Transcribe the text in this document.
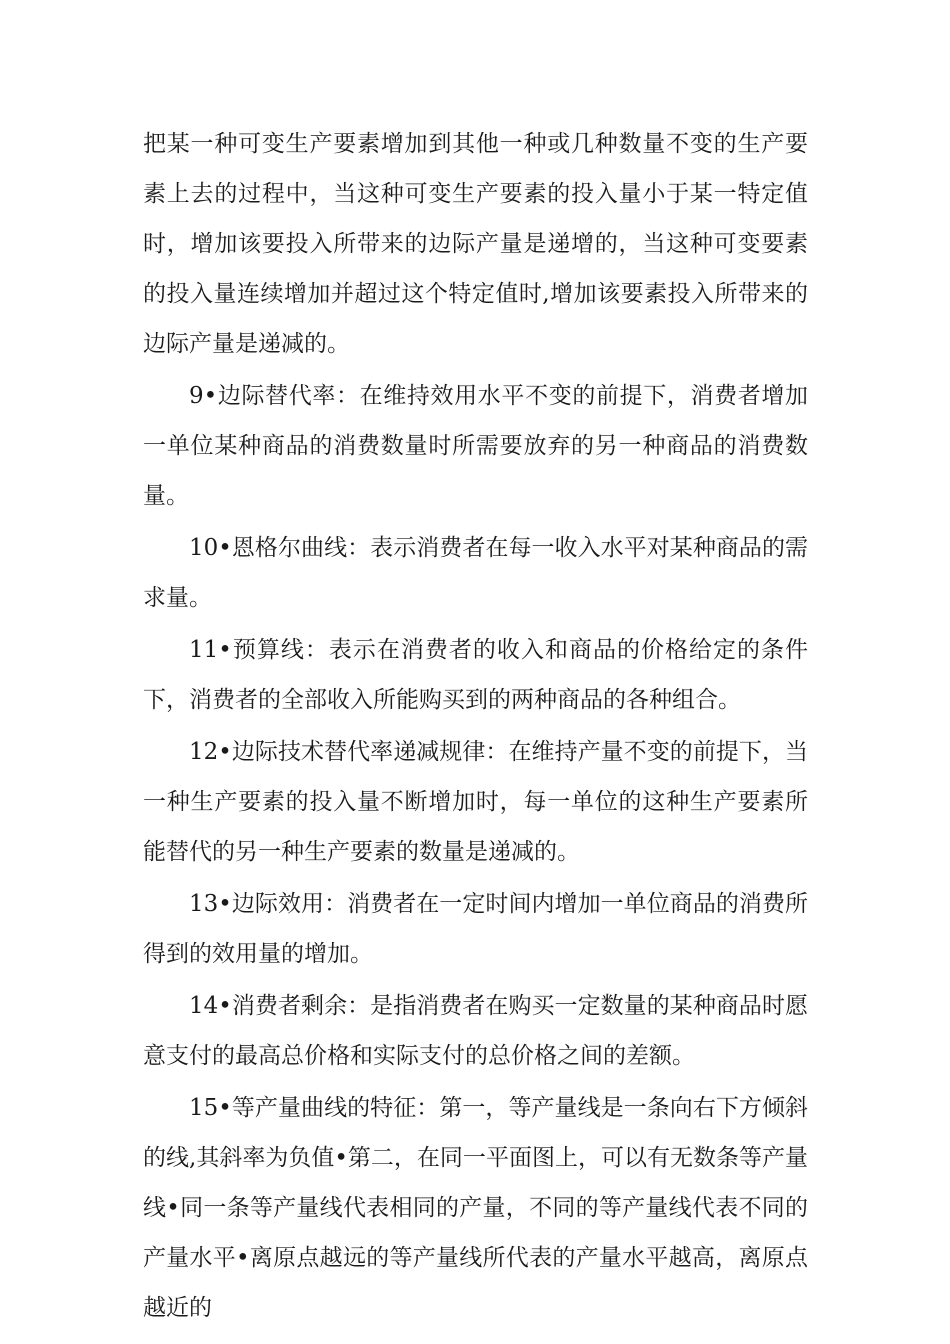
把某一种可变生产要素增加到其他一种或几种数量不变的生产要素上去的过程中，当这种可变生产要素的投入量小于某一特定值时，增加该要投入所带来的边际产量是递增的，当这种可变要素的投入量连续增加并超过这个特定值时,增加该要素投入所带来的边际产量是递减的。

9•边际替代率：在维持效用水平不变的前提下，消费者增加一单位某种商品的消费数量时所需要放弃的另一种商品的消费数量。

10•恩格尔曲线：表示消费者在每一收入水平对某种商品的需求量。

11•预算线：表示在消费者的收入和商品的价格给定的条件下，消费者的全部收入所能购买到的两种商品的各种组合。

12•边际技术替代率递减规律：在维持产量不变的前提下，当一种生产要素的投入量不断增加时，每一单位的这种生产要素所能替代的另一种生产要素的数量是递减的。

13•边际效用：消费者在一定时间内增加一单位商品的消费所得到的效用量的增加。

14•消费者剩余：是指消费者在购买一定数量的某种商品时愿意支付的最高总价格和实际支付的总价格之间的差额。

15•等产量曲线的特征：第一，等产量线是一条向右下方倾斜的线,其斜率为负值•第二，在同一平面图上，可以有无数条等产量线•同一条等产量线代表相同的产量，不同的等产量线代表不同的产量水平•离原点越远的等产量线所代表的产量水平越高，离原点越近的
